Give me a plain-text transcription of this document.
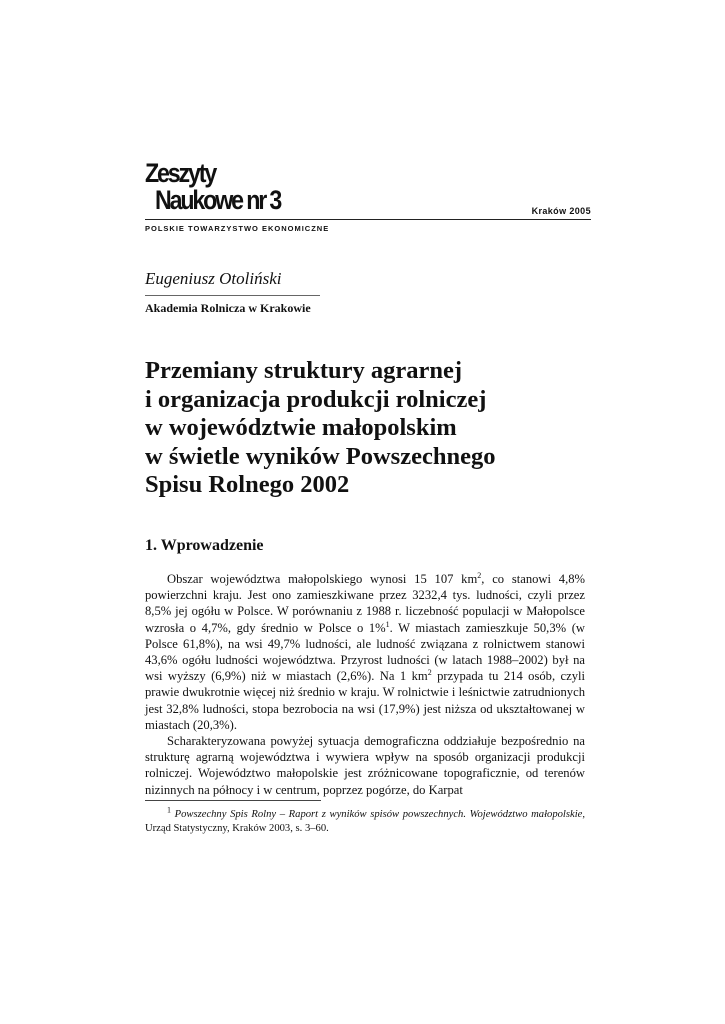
Zeszyty
Naukowe nr 3	Kraków 2005
POLSKIE TOWARZYSTWO EKONOMICZNE
Eugeniusz Otoliński
Akademia Rolnicza w Krakowie
Przemiany struktury agrarnej
i organizacja produkcji rolniczej
w województwie małopolskim
w świetle wyników Powszechnego
Spisu Rolnego 2002
1. Wprowadzenie

Obszar województwa małopolskiego wynosi 15 107 $km^2$, co stanowi 4,8% powierzchni kraju. Jest ono zamieszkiwane przez 3232,4 tys. ludności, czyli przez 8,5% jej ogółu w Polsce. W porównaniu z 1988 r. liczebność populacji w Małopolsce wzrosła o 4,7%, gdy średnio w Polsce o 1%$^1$. W miastach zamieszkuje 50,3% (w Polsce 61,8%), na wsi 49,7% ludności, ale ludność związana z rolnictwem stanowi 43,6% ogółu ludności województwa. Przyrost ludności (w latach 1988–2002) był na wsi wyższy (6,9%) niż w miastach (2,6%). Na 1 $km^2$ przypada tu 214 osób, czyli prawie dwukrotnie więcej niż średnio w kraju. W rolnictwie i leśnictwie zatrudnionych jest 32,8% ludności, stopa bezrobocia na wsi (17,9%) jest niższa od ukształtowanej w miastach (20,3%).

Scharakteryzowana powyżej sytuacja demograficzna oddziałuje bezpośrednio na strukturę agrarną województwa i wywiera wpływ na sposób organizacji produkcji rolniczej. Województwo małopolskie jest zróżnicowane topograficznie, od terenów nizinnych na północy i w centrum, poprzez pogórze, do Karpat

$^1$ Powszechny Spis Rolny – Raport z wyników spisów powszechnych. Województwo małopolskie, Urząd Statystyczny, Kraków 2003, s. 3–60.
